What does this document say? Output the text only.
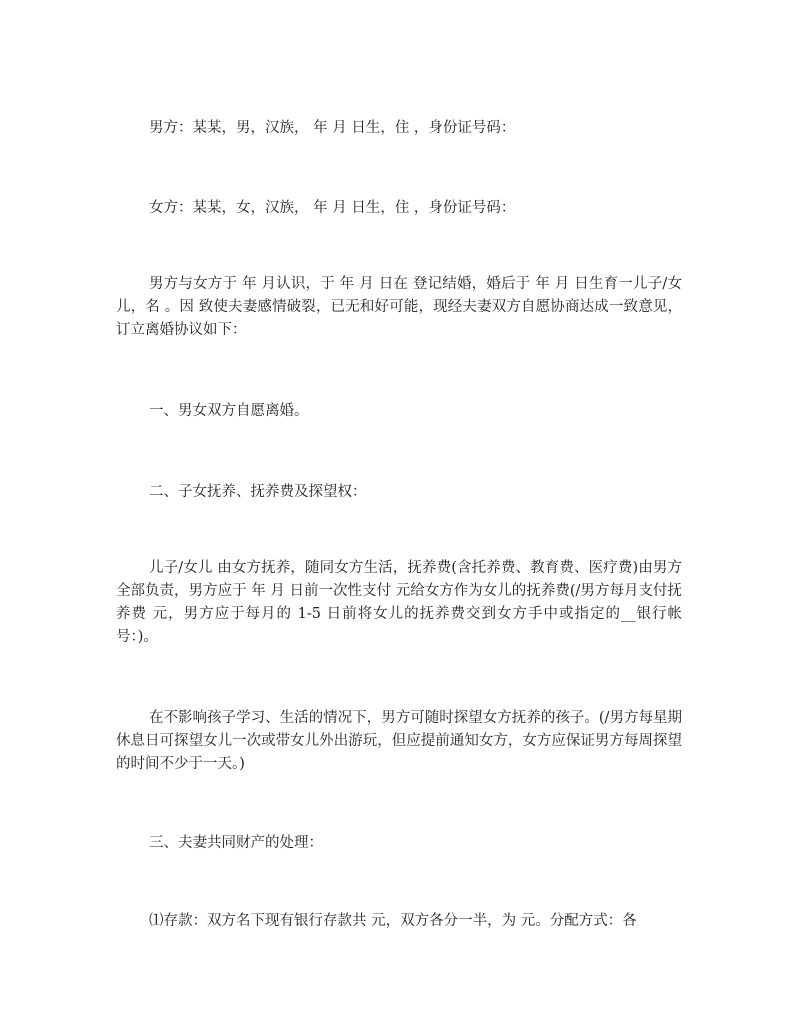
男方：某某，男，汉族， 年 月 日生，住 ，身份证号码：

女方：某某，女，汉族， 年 月 日生，住 ，身份证号码：

男方与女方于 年 月认识，于 年 月 日在 登记结婚，婚后于 年 月 日生育一儿子/女儿，名 。因 致使夫妻感情破裂，已无和好可能，现经夫妻双方自愿协商达成一致意见，订立离婚协议如下：

一、男女双方自愿离婚。

二、子女抚养、抚养费及探望权：

儿子/女儿 由女方抚养，随同女方生活，抚养费(含托养费、教育费、医疗费)由男方全部负责，男方应于 年 月 日前一次性支付 元给女方作为女儿的抚养费(/男方每月支付抚养费 元，男方应于每月的 1-5 日前将女儿的抚养费交到女方手中或指定的__银行帐号：)。

在不影响孩子学习、生活的情况下，男方可随时探望女方抚养的孩子。(/男方每星期休息日可探望女儿一次或带女儿外出游玩，但应提前通知女方，女方应保证男方每周探望的时间不少于一天。)

三、夫妻共同财产的处理：

⑴存款：双方名下现有银行存款共 元，双方各分一半，为 元。分配方式：各
